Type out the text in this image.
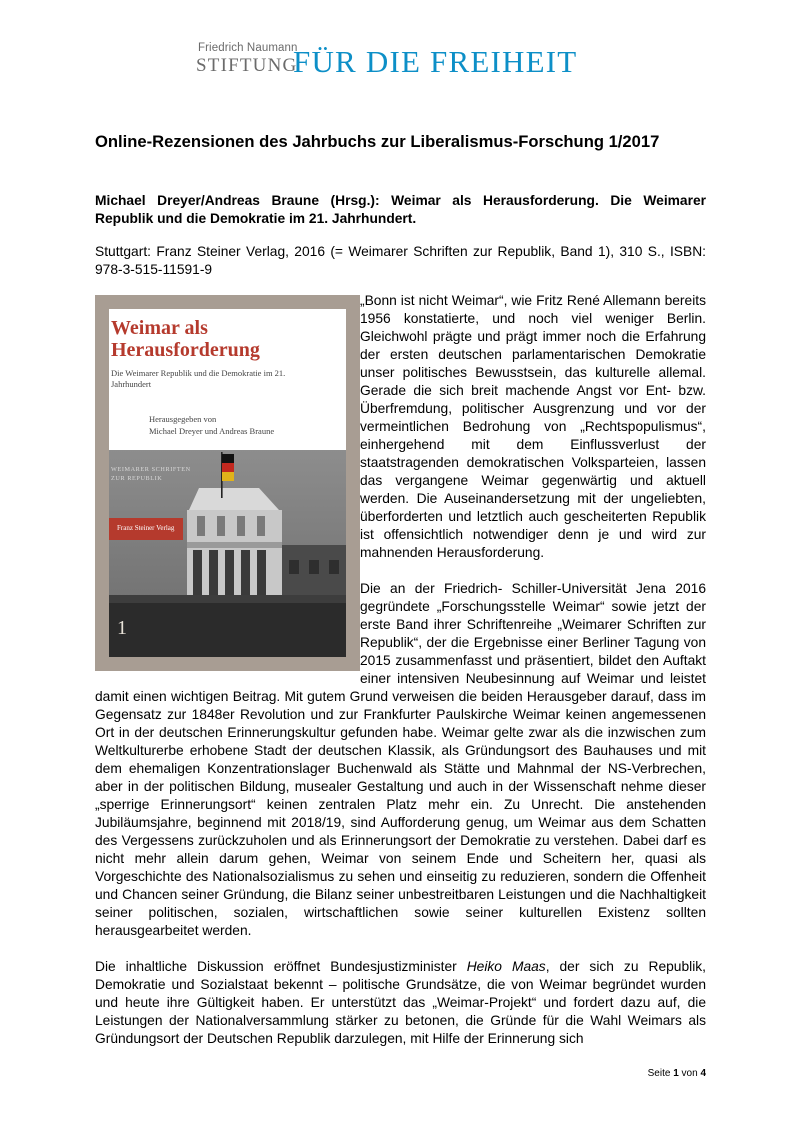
Friedrich Naumann
STIFTUNG
FÜR DIE FREIHEIT
Online-Rezensionen des Jahrbuchs zur Liberalismus-Forschung 1/2017

Michael Dreyer/Andreas Braune (Hrsg.): Weimar als Herausforderung. Die Weimarer Republik und die Demokratie im 21. Jahrhundert.

Stuttgart: Franz Steiner Verlag, 2016 (= Weimarer Schriften zur Republik, Band 1), 310 S., ISBN: 978-3-515-11591-9

„Bonn ist nicht Weimar“, wie Fritz René Allemann bereits 1956 konstatierte, und noch viel weniger Berlin. Gleichwohl prägte und prägt immer noch die Erfahrung der ersten deutschen parlamentarischen Demokratie unser politisches Bewusstsein, das kulturelle allemal. Gerade die sich breit machende Angst vor Ent- bzw. Überfremdung, politischer Ausgrenzung und vor der vermeintlichen Bedrohung von „Rechtspopulismus“, einhergehend mit dem Einflussverlust der staatstragenden demokratischen Volksparteien, lassen das vergangene Weimar gegenwärtig und aktuell werden. Die Auseinandersetzung mit der ungeliebten, überforderten und letztlich auch gescheiterten Republik ist offensichtlich notwendiger denn je und wird zur mahnenden Herausforderung.

Die an der Friedrich- Schiller-Universität Jena 2016 gegründete „Forschungsstelle Weimar“ sowie jetzt der erste Band ihrer Schriftenreihe „Weimarer Schriften zur Republik“, der die Ergebnisse einer Berliner Tagung von 2015 zusammenfasst und präsentiert, bildet den Auftakt einer intensiven Neubesinnung auf Weimar und leistet damit einen wichtigen Beitrag. Mit gutem Grund verweisen die beiden Herausgeber darauf, dass im Gegensatz zur 1848er Revolution und zur Frankfurter Paulskirche Weimar keinen angemessenen Ort in der deutschen Erinnerungskultur gefunden habe. Weimar gelte zwar als die inzwischen zum Weltkulturerbe erhobene Stadt der deutschen Klassik, als Gründungsort des Bauhauses und mit dem ehemaligen Konzentrationslager Buchenwald als Stätte und Mahnmal der NS-Verbrechen, aber in der politischen Bildung, musealer Gestaltung und auch in der Wissenschaft nehme dieser „sperrige Erinnerungsort“ keinen zentralen Platz mehr ein. Zu Unrecht. Die anstehenden Jubiläumsjahre, beginnend mit 2018/19, sind Aufforderung genug, um Weimar aus dem Schatten des Vergessens zurückzuholen und als Erinnerungsort der Demokratie zu verstehen. Dabei darf es nicht mehr allein darum gehen, Weimar von seinem Ende und Scheitern her, quasi als Vorgeschichte des Nationalsozialismus zu sehen und einseitig zu reduzieren, sondern die Offenheit und Chancen seiner Gründung, die Bilanz seiner unbestreitbaren Leistungen und die Nachhaltigkeit seiner politischen, sozialen, wirtschaftlichen sowie seiner kulturellen Existenz sollten herausgearbeitet werden.

Die inhaltliche Diskussion eröffnet Bundesjustizminister Heiko Maas, der sich zu Republik, Demokratie und Sozialstaat bekennt – politische Grundsätze, die von Weimar begründet wurden und heute ihre Gültigkeit haben. Er unterstützt das „Weimar-Projekt“ und fordert dazu auf, die Leistungen der Nationalversammlung stärker zu betonen, die Gründe für die Wahl Weimars als Gründungsort der Deutschen Republik darzulegen, mit Hilfe der Erinnerung sich

Weimar als
Herausforderung

Die Weimarer Republik und die Demokratie im 21. Jahrhundert

Herausgegeben von
Michael Dreyer und Andreas Braune

WEIMARER SCHRIFTEN
ZUR REPUBLIK

Franz Steiner Verlag

1

Seite 1 von 4
